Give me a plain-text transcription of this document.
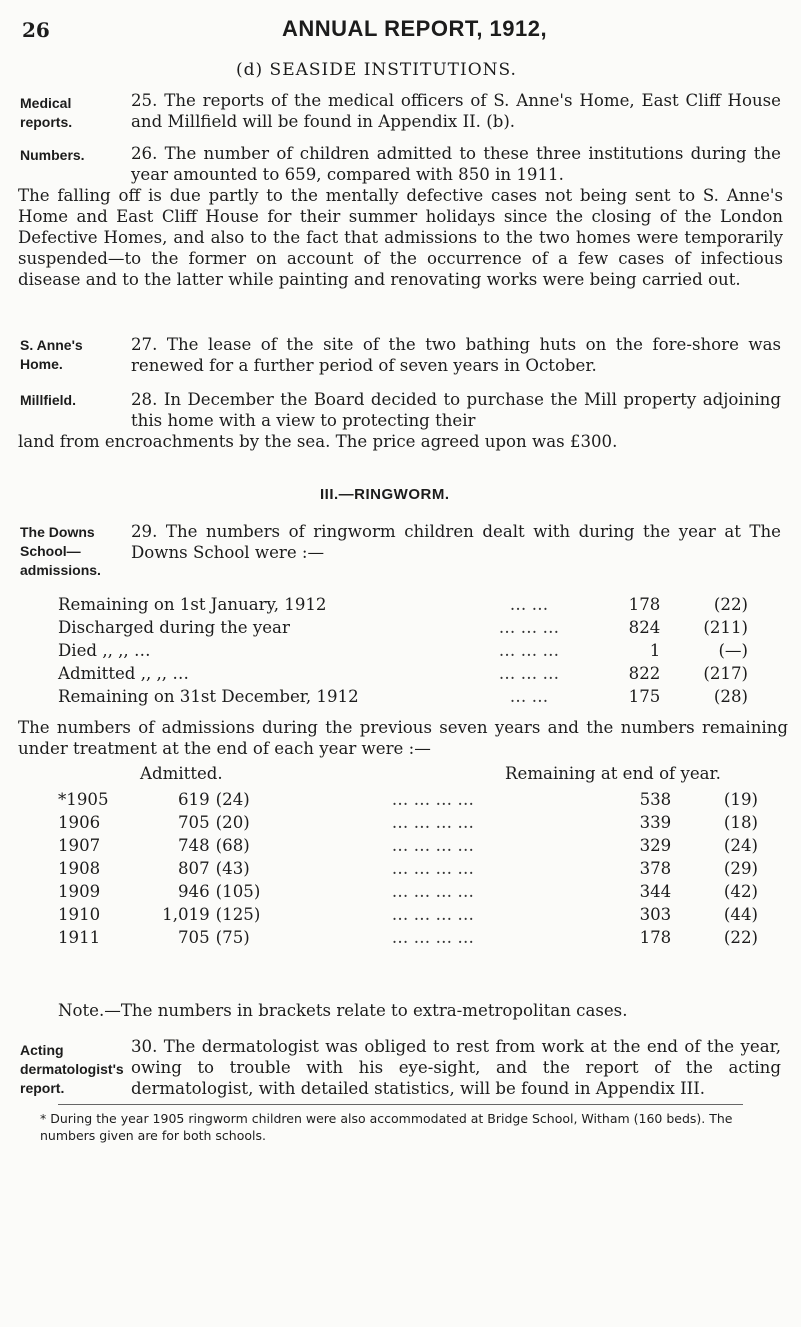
26	ANNUAL REPORT, 1912,
(d) SEASIDE INSTITUTIONS.
Medical reports.
Numbers.
S. Anne's Home.
Millfield.
The Downs School— admissions.
Acting dermatologist's report.
25. The reports of the medical officers of S. Anne's Home, East Cliff House and Millfield will be found in Appendix II. (b).
26. The number of children admitted to these three institutions during the year amounted to 659, compared with 850 in 1911.
The falling off is due partly to the mentally defective cases not being sent to S. Anne's Home and East Cliff House for their summer holidays since the closing of the London Defective Homes, and also to the fact that admissions to the two homes were temporarily suspended—to the former on account of the occurrence of a few cases of infectious disease and to the latter while painting and renovating works were being carried out.
27. The lease of the site of the two bathing huts on the fore-shore was renewed for a further period of seven years in October.
28. In December the Board decided to purchase the Mill property adjoining this home with a view to protecting their
land from encroachments by the sea. The price agreed upon was £300.
III.—RINGWORM.
29. The numbers of ringworm children dealt with during the year at The Downs School were :—
Remaining on 1st January, 1912	… …	178	(22)
Discharged during the year	… … …	824	(211)
Died ,, ,, …	… … …	1	(—)
Admitted ,, ,, …	… … …	822	(217)
Remaining on 31st December, 1912	… …	175	(28)
The numbers of admissions during the previous seven years and the numbers remaining under treatment at the end of each year were :—
Admitted.	Remaining at end of year.
*1905	619	(24)	… … … …	538	(19)
1906	705	(20)	… … … …	339	(18)
1907	748	(68)	… … … …	329	(24)
1908	807	(43)	… … … …	378	(29)
1909	946	(105)	… … … …	344	(42)
1910	1,019	(125)	… … … …	303	(44)
1911	705	(75)	… … … …	178	(22)
Note.—The numbers in brackets relate to extra-metropolitan cases.
30. The dermatologist was obliged to rest from work at the end of the year, owing to trouble with his eye-sight, and the report of the acting dermatologist, with detailed statistics, will be found in Appendix III.
* During the year 1905 ringworm children were also accommodated at Bridge School, Witham (160 beds). The numbers given are for both schools.
